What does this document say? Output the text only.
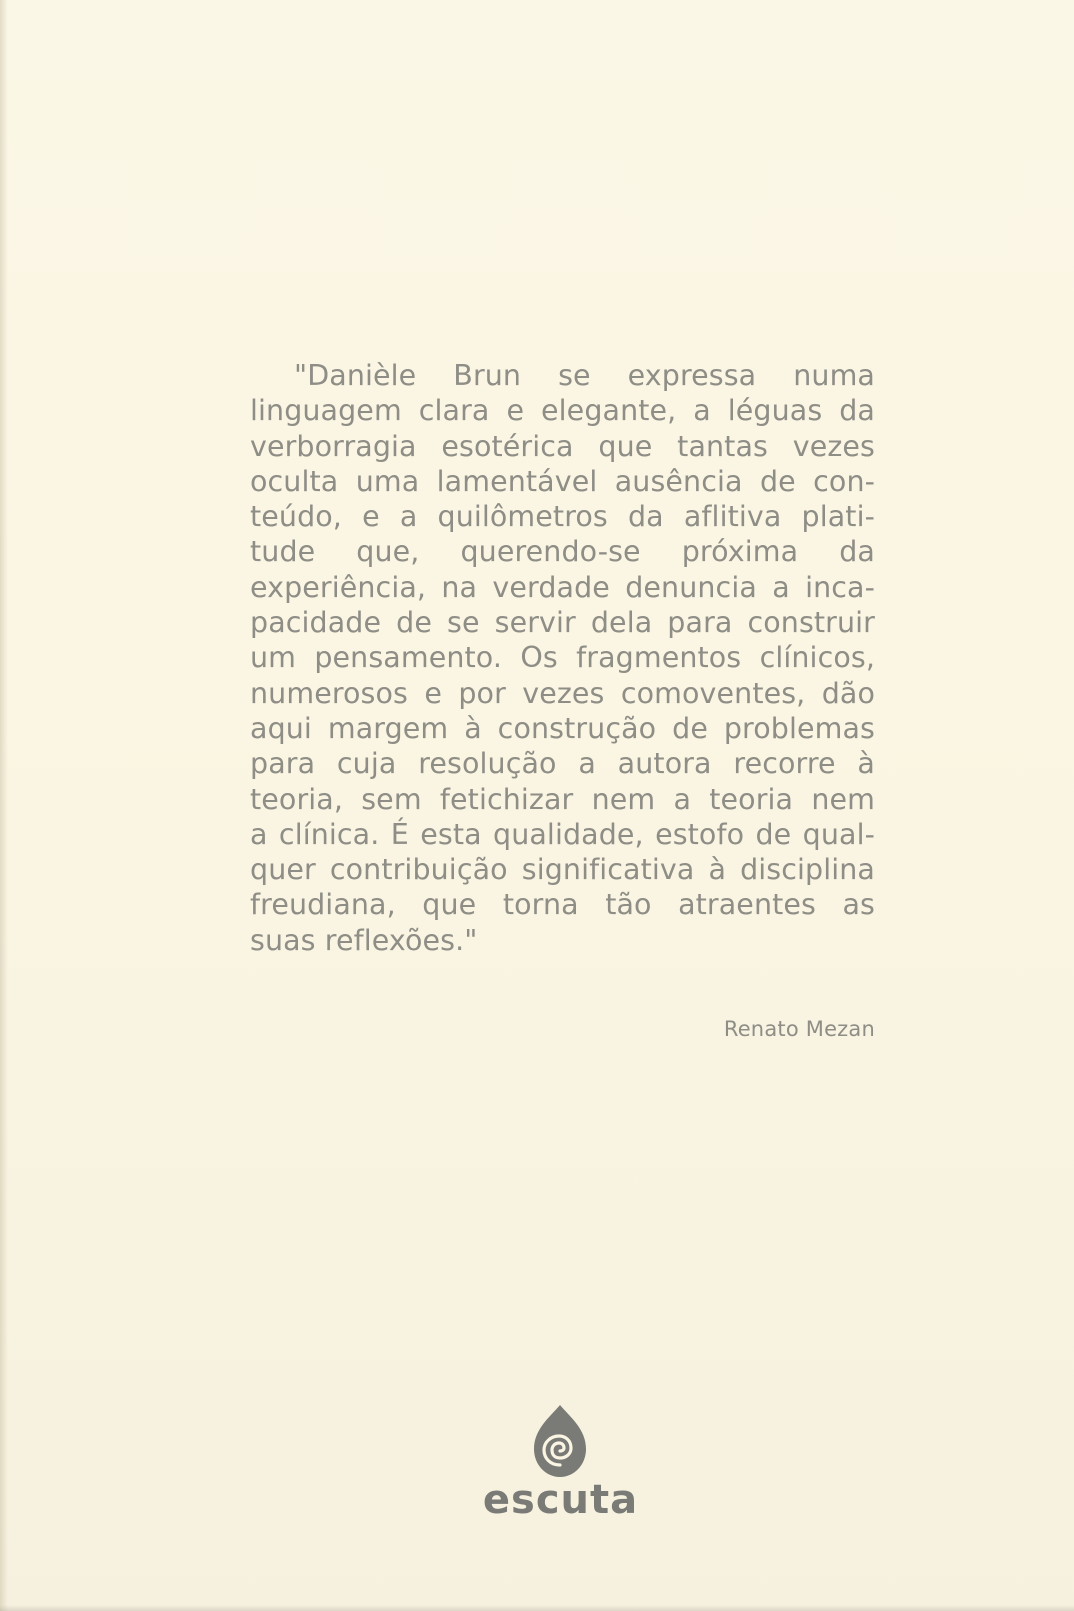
"Danièle Brun se expressa numa
linguagem clara e elegante, a léguas da
verborragia esotérica que tantas vezes
oculta uma lamentável ausência de con-
teúdo, e a quilômetros da aflitiva plati-
tude que, querendo-se próxima da
experiência, na verdade denuncia a inca-
pacidade de se servir dela para construir
um pensamento. Os fragmentos clínicos,
numerosos e por vezes comoventes, dão
aqui margem à construção de problemas
para cuja resolução a autora recorre à
teoria, sem fetichizar nem a teoria nem
a clínica. É esta qualidade, estofo de qual-
quer contribuição significativa à disciplina
freudiana, que torna tão atraentes as
suas reflexões."

Renato Mezan
escuta
